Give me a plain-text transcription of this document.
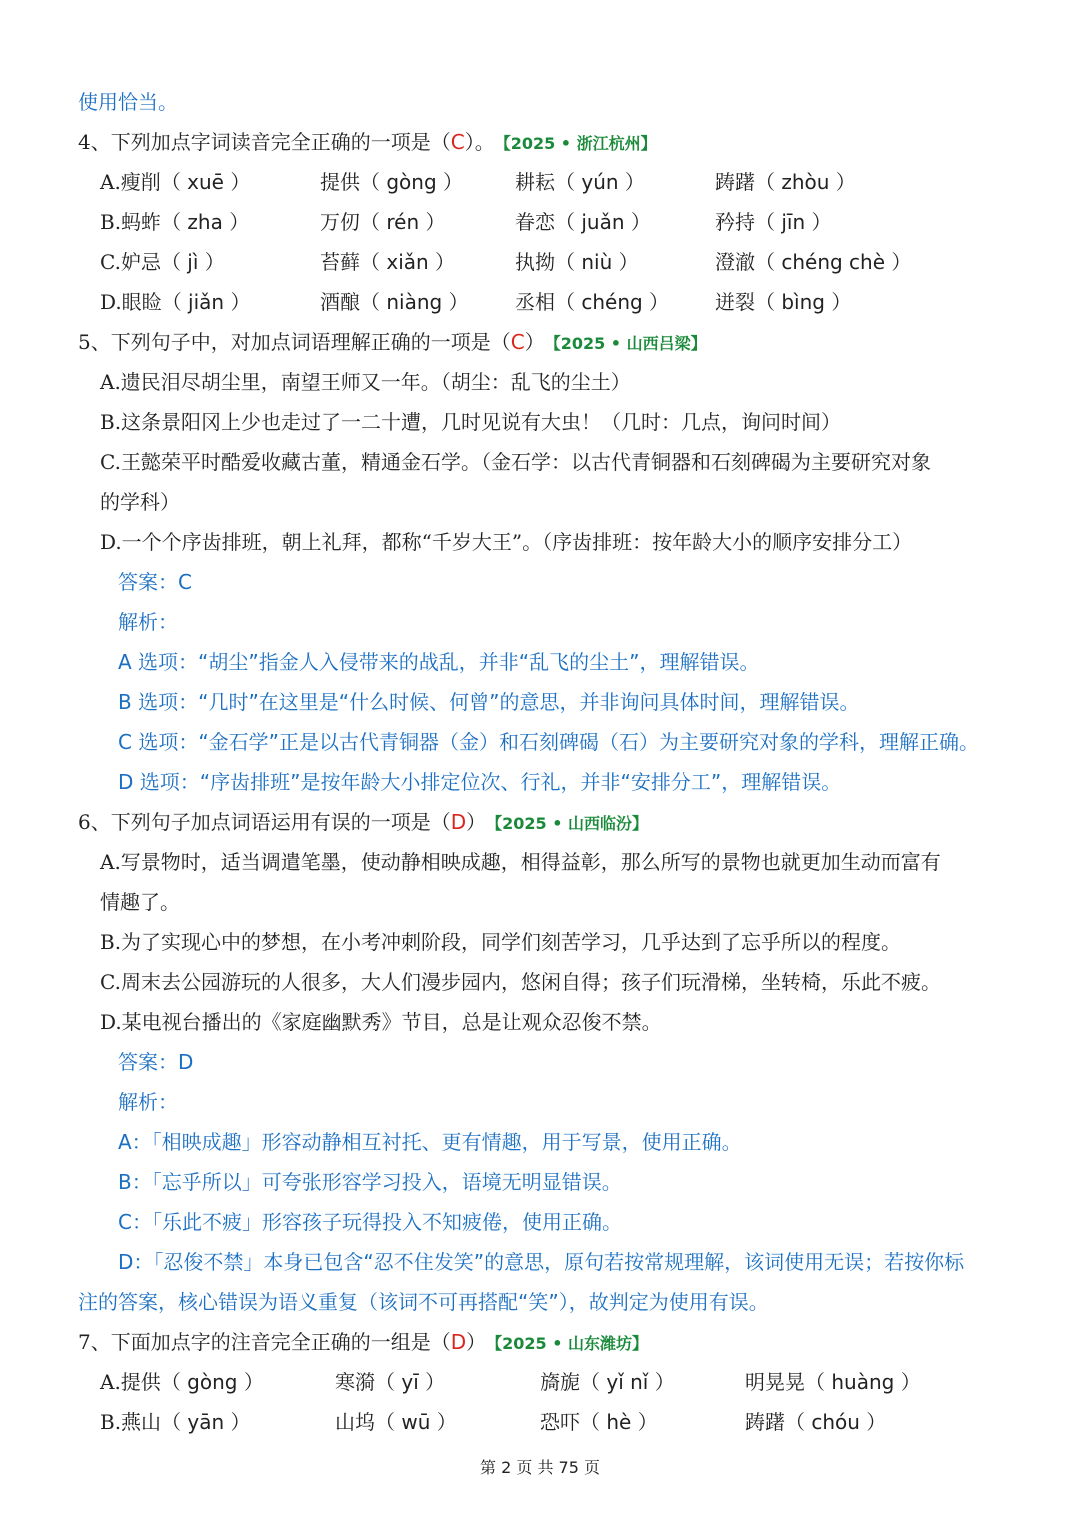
使用恰当。
4、下列加点字词读音完全正确的一项是（C）。 【2025 • 浙江杭州】
A.瘦削（ xuē ）	提供（ gòng ）	耕耘（ yún ）	踌躇（ zhòu ）
B.蚂蚱（ zha ）	万仞（ rén ）	眷恋（ juǎn ）	矜持（ jīn ）
C.妒忌（ jì ）	苔藓（ xiǎn ）	执拗（ niù ）	澄澈（ chéng chè ）
D.眼睑（ jiǎn ）	酒酿（ niàng ） 丞相（ chéng ） 迸裂（ bìng ）
5、下列句子中，对加点词语理解正确的一项是（C） 【2025 • 山西吕梁】
A.遗民泪尽胡尘里，南望王师又一年。（胡尘：乱飞的尘土）
B.这条景阳冈上少也走过了一二十遭，几时见说有大虫！（几时：几点，询问时间）
C.王懿荣平时酷爱收藏古董，精通金石学。（金石学：以古代青铜器和石刻碑碣为主要研究对象
的学科）
D.一个个序齿排班，朝上礼拜，都称“千岁大王”。（序齿排班：按年龄大小的顺序安排分工）
答案：C
解析：
A 选项：“胡尘”指金人入侵带来的战乱，并非“乱飞的尘土”，理解错误。
B 选项：“几时”在这里是“什么时候、何曾”的意思，并非询问具体时间，理解错误。
C 选项：“金石学”正是以古代青铜器（金）和石刻碑碣（石）为主要研究对象的学科，理解正确。
D 选项：“序齿排班”是按年龄大小排定位次、行礼，并非“安排分工”，理解错误。
6、下列句子加点词语运用有误的一项是（D） 【2025 • 山西临汾】
A.写景物时，适当调遣笔墨，使动静相映成趣，相得益彰，那么所写的景物也就更加生动而富有
情趣了。
B.为了实现心中的梦想，在小考冲刺阶段，同学们刻苦学习，几乎达到了忘乎所以的程度。
C.周末去公园游玩的人很多，大人们漫步园内，悠闲自得；孩子们玩滑梯，坐转椅，乐此不疲。
D.某电视台播出的《家庭幽默秀》节目，总是让观众忍俊不禁。
答案：D
解析：
A：「相映成趣」形容动静相互衬托、更有情趣，用于写景，使用正确。
B：「忘乎所以」可夸张形容学习投入，语境无明显错误。
C：「乐此不疲」形容孩子玩得投入不知疲倦，使用正确。
D：「忍俊不禁」本身已包含“忍不住发笑”的意思，原句若按常规理解，该词使用无误；若按你标
注的答案，核心错误为语义重复（该词不可再搭配“笑”），故判定为使用有误。
7、下面加点字的注音完全正确的一组是（D） 【2025 • 山东潍坊】
A.提供（ gòng ）	寒漪（ yī ）	旖旎（ yǐ nǐ ）	明晃晃（ huàng ）
B.燕山（ yān ）	山坞（ wū ）	恐吓（ hè ）	踌躇（ chóu ）
第 2 页 共 75 页
